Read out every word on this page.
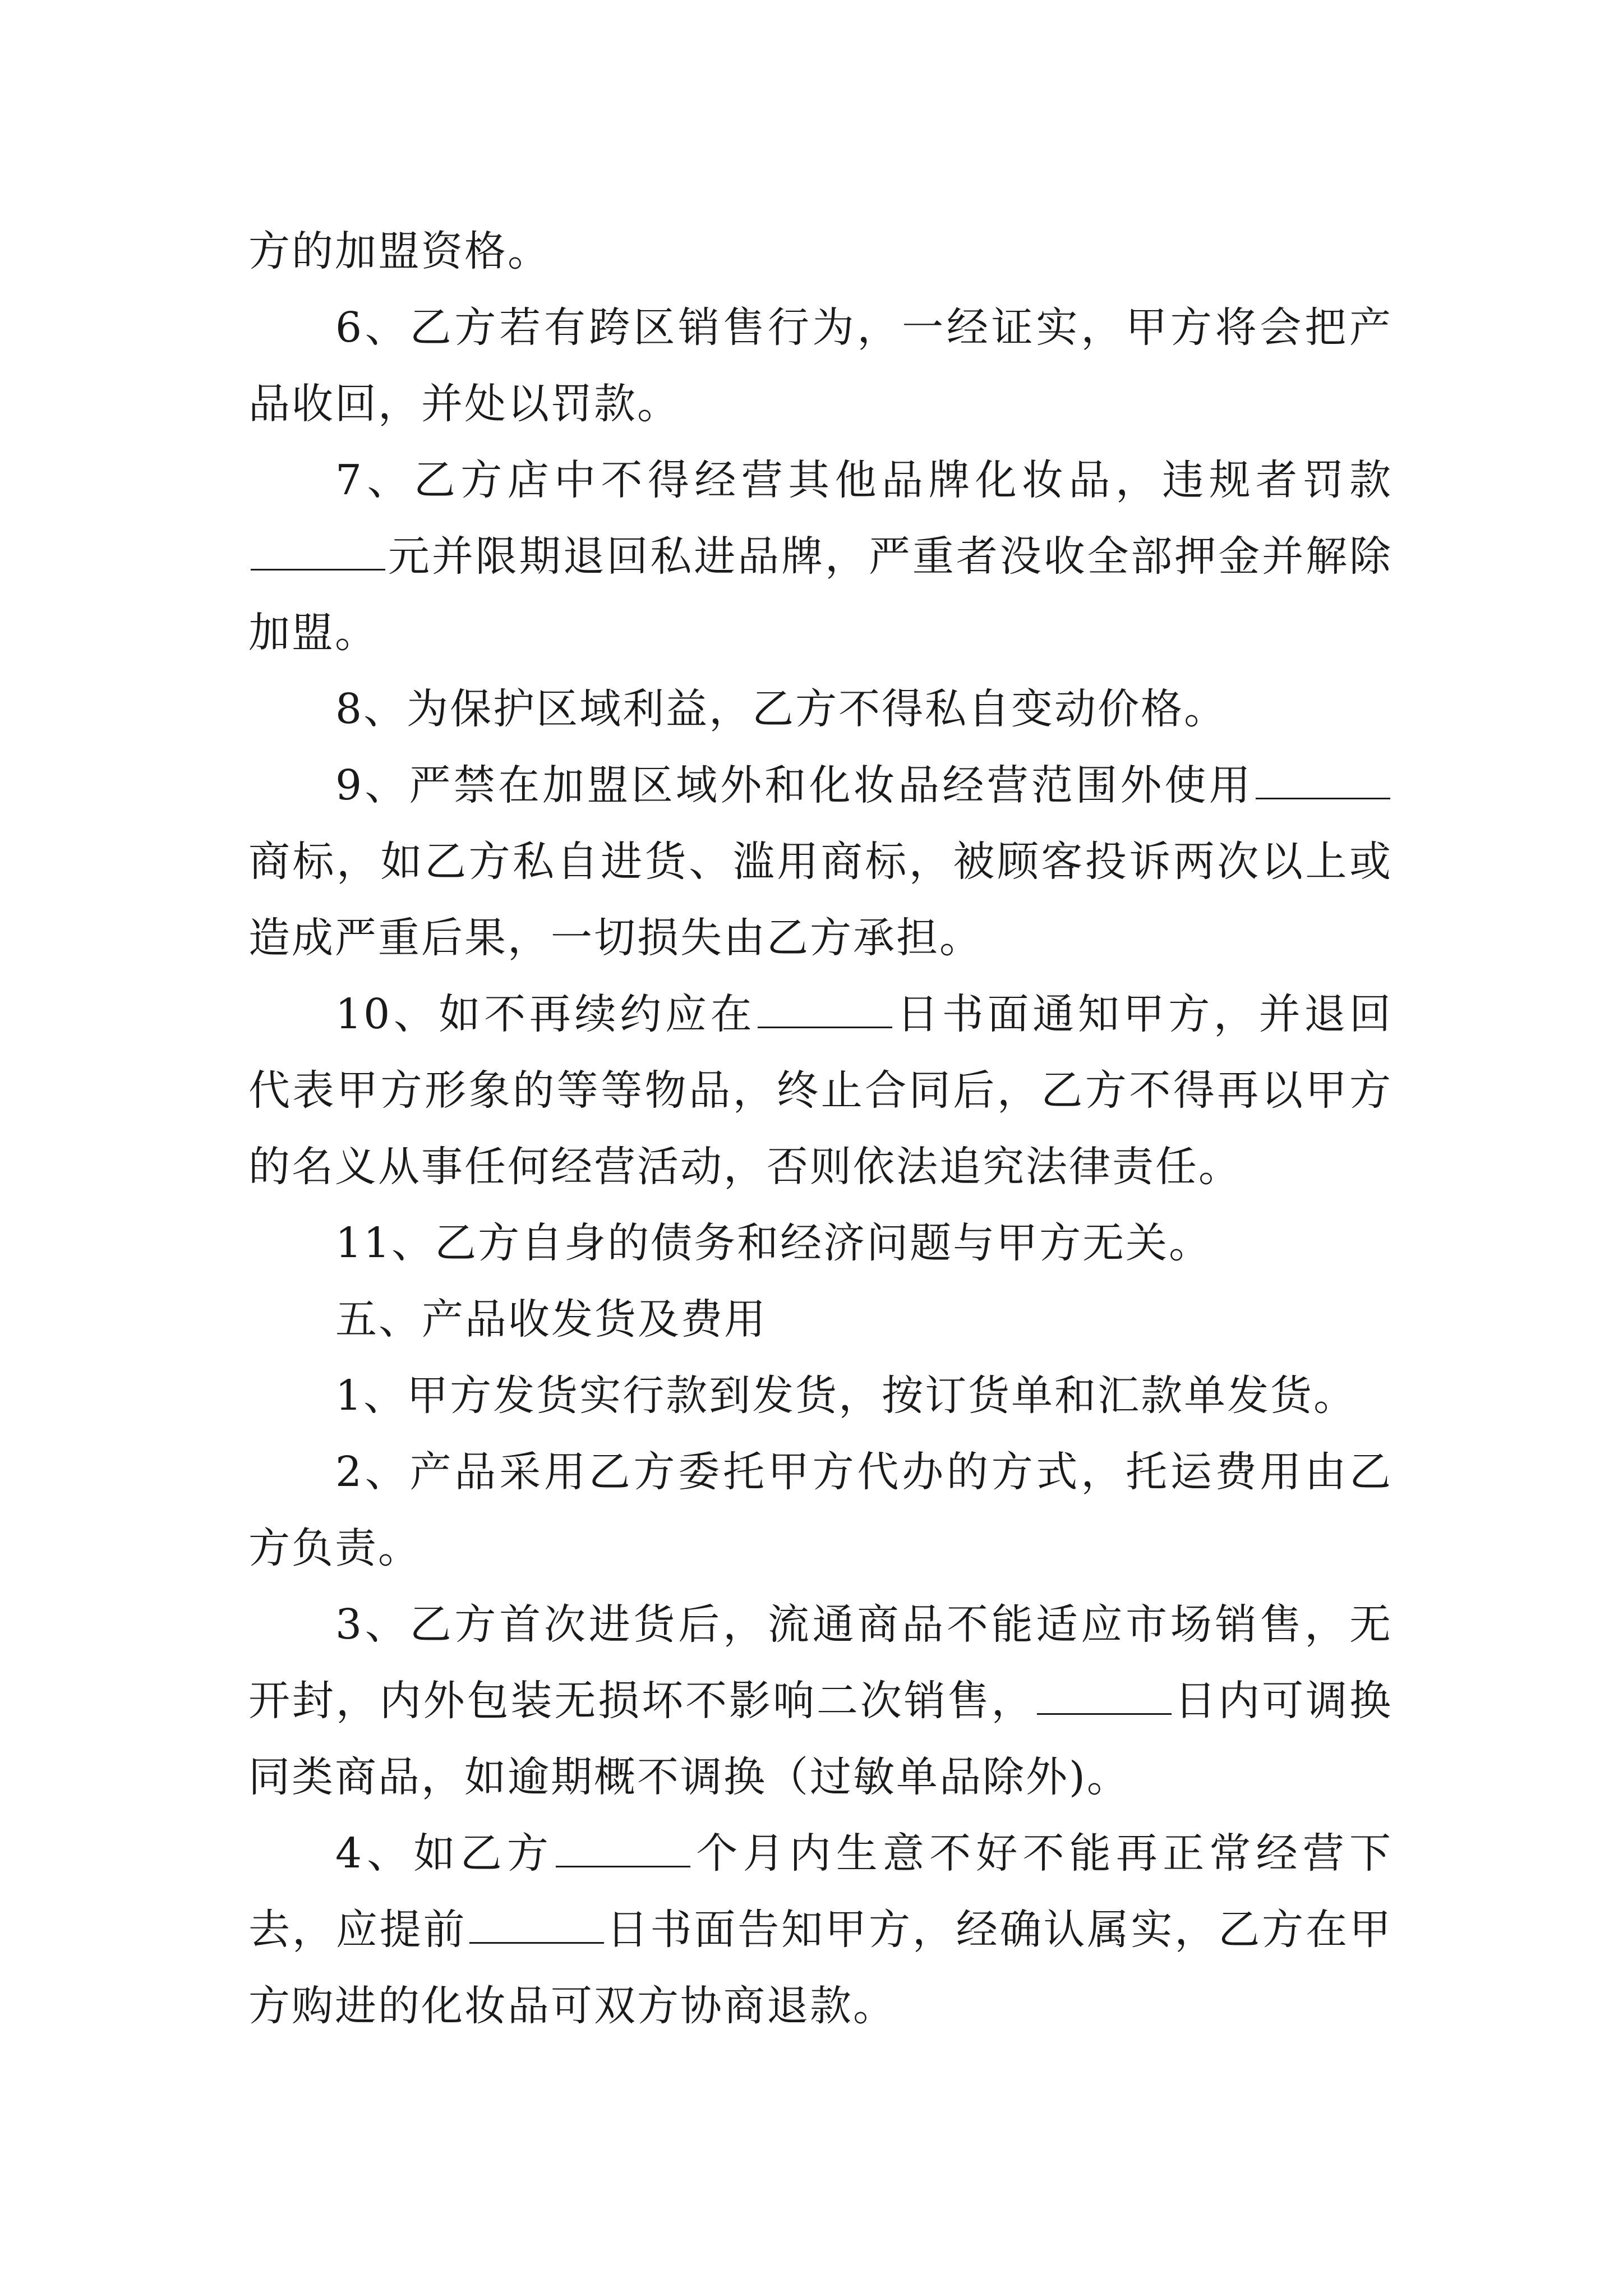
方的加盟资格。

6、乙方若有跨区销售行为，一经证实，甲方将会把产品收回，并处以罚款。

7、乙方店中不得经营其他品牌化妆品，违规者罚款元并限期退回私进品牌，严重者没收全部押金并解除加盟。

8、为保护区域利益，乙方不得私自变动价格。

9、严禁在加盟区域外和化妆品经营范围外使用商标，如乙方私自进货、滥用商标，被顾客投诉两次以上或造成严重后果，一切损失由乙方承担。

10、如不再续约应在	日书面通知甲方，并退回代表甲方形象的等等物品，终止合同后，乙方不得再以甲方的名义从事任何经营活动，否则依法追究法律责任。

11、乙方自身的债务和经济问题与甲方无关。

五、产品收发货及费用

1、甲方发货实行款到发货，按订货单和汇款单发货。

2、产品采用乙方委托甲方代办的方式，托运费用由乙方负责。

3、乙方首次进货后，流通商品不能适应市场销售，无开封，内外包装无损坏不影响二次销售，	日内可调换同类商品，如逾期概不调换（过敏单品除外)。

4、如乙方	个月内生意不好不能再正常经营下去，应提前	日书面告知甲方，经确认属实，乙方在甲方购进的化妆品可双方协商退款。
